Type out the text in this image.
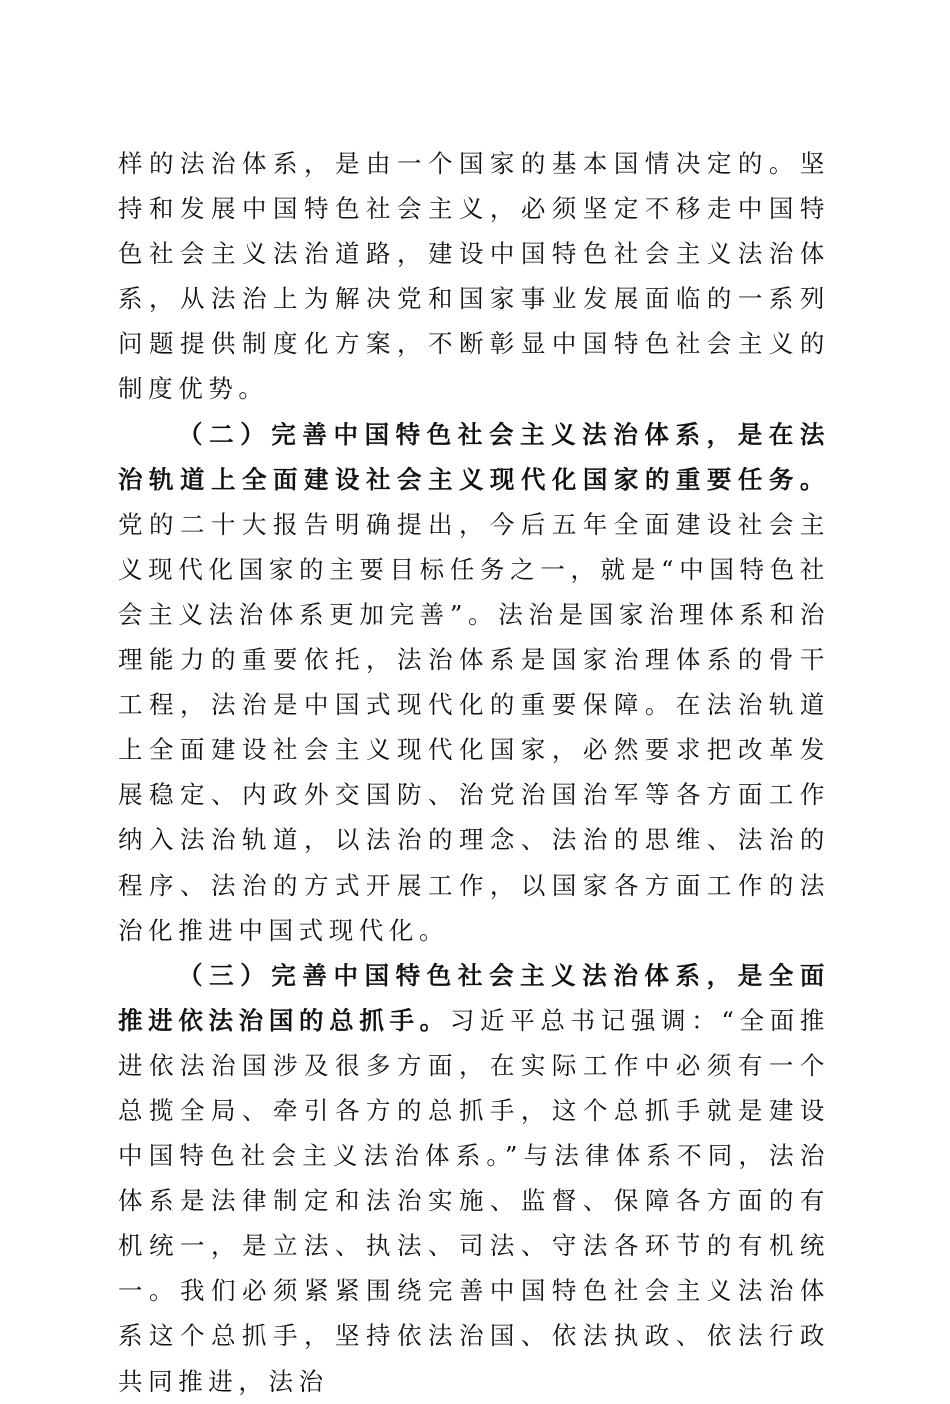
样的法治体系，是由一个国家的基本国情决定的。坚持和发展中国特色社会主义，必须坚定不移走中国特色社会主义法治道路，建设中国特色社会主义法治体系，从法治上为解决党和国家事业发展面临的一系列问题提供制度化方案，不断彰显中国特色社会主义的制度优势。

（二）完善中国特色社会主义法治体系，是在法治轨道上全面建设社会主义现代化国家的重要任务。党的二十大报告明确提出，今后五年全面建设社会主义现代化国家的主要目标任务之一，就是“中国特色社会主义法治体系更加完善”。法治是国家治理体系和治理能力的重要依托，法治体系是国家治理体系的骨干工程，法治是中国式现代化的重要保障。在法治轨道上全面建设社会主义现代化国家，必然要求把改革发展稳定、内政外交国防、治党治国治军等各方面工作纳入法治轨道，以法治的理念、法治的思维、法治的程序、法治的方式开展工作，以国家各方面工作的法治化推进中国式现代化。

（三）完善中国特色社会主义法治体系，是全面推进依法治国的总抓手。习近平总书记强调：“全面推进依法治国涉及很多方面，在实际工作中必须有一个总揽全局、牵引各方的总抓手，这个总抓手就是建设中国特色社会主义法治体系。”与法律体系不同，法治体系是法律制定和法治实施、监督、保障各方面的有机统一，是立法、执法、司法、守法各环节的有机统一。我们必须紧紧围绕完善中国特色社会主义法治体系这个总抓手，坚持依法治国、依法执政、依法行政共同推进，法治
